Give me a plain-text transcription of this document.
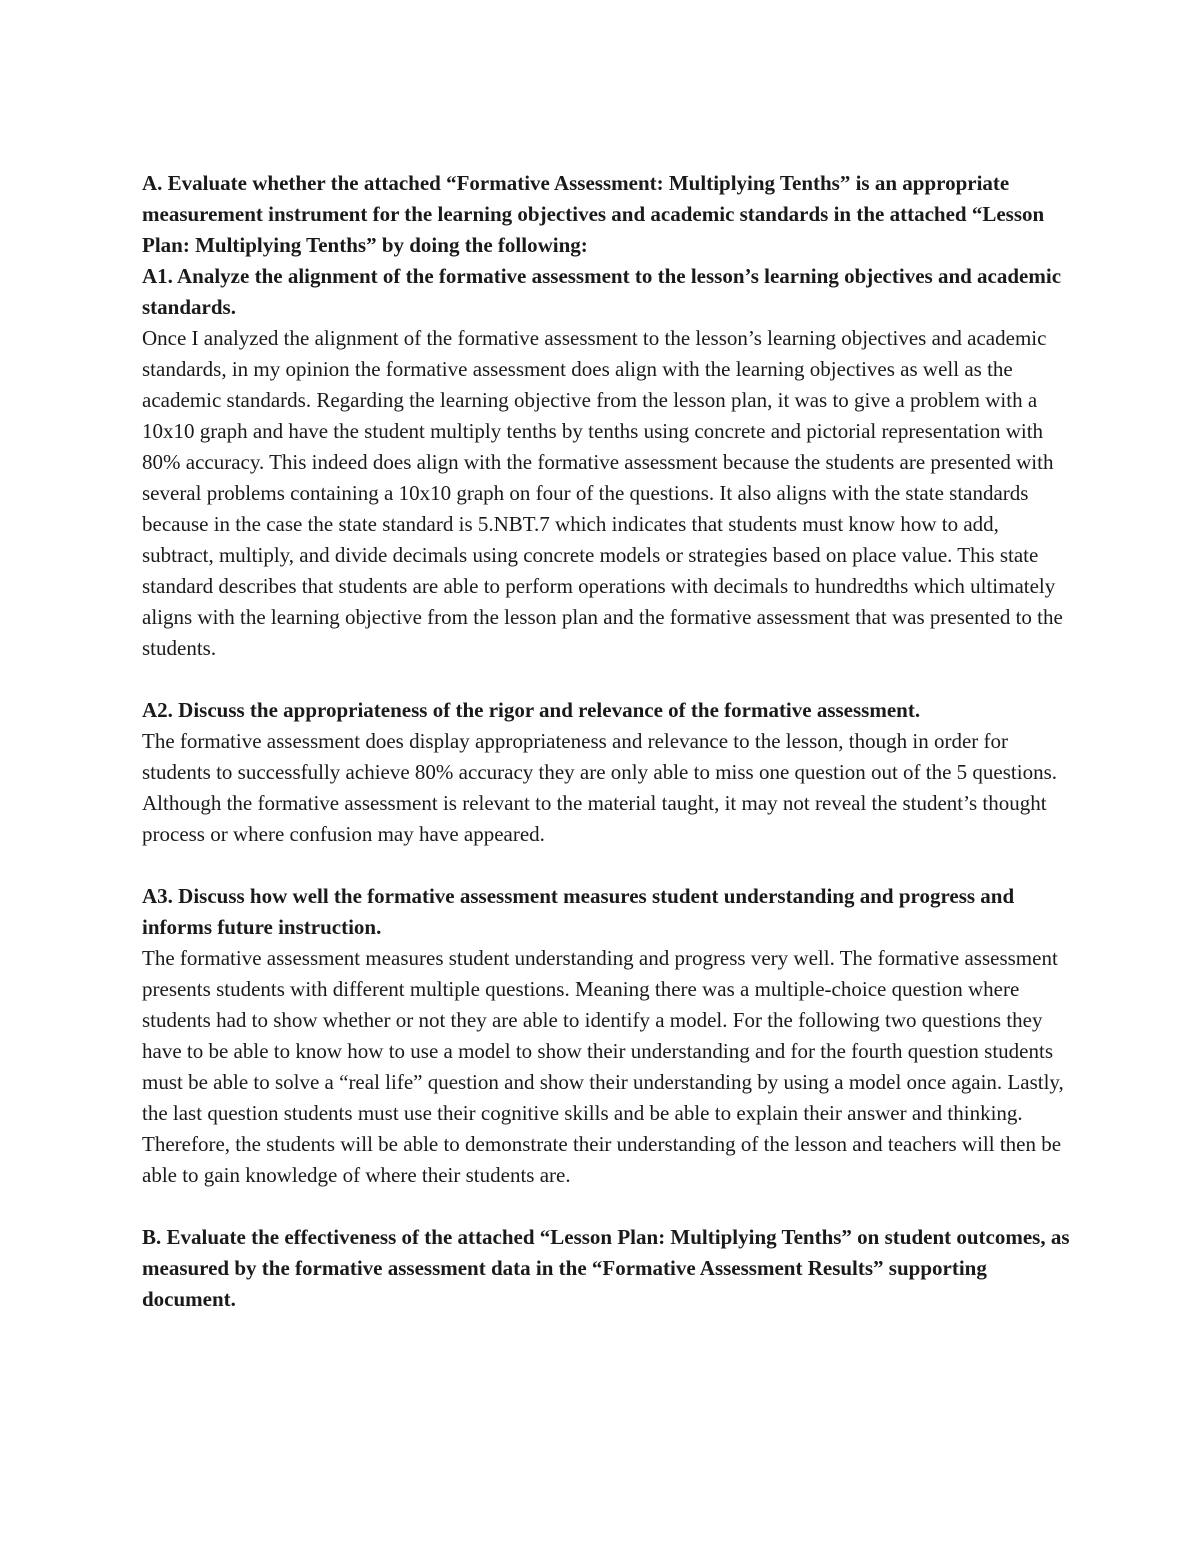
A. Evaluate whether the attached “Formative Assessment: Multiplying Tenths” is an appropriate measurement instrument for the learning objectives and academic standards in the attached “Lesson Plan: Multiplying Tenths” by doing the following:

A1. Analyze the alignment of the formative assessment to the lesson’s learning objectives and academic standards.

Once I analyzed the alignment of the formative assessment to the lesson’s learning objectives and academic standards, in my opinion the formative assessment does align with the learning objectives as well as the academic standards. Regarding the learning objective from the lesson plan, it was to give a problem with a 10x10 graph and have the student multiply tenths by tenths using concrete and pictorial representation with 80% accuracy. This indeed does align with the formative assessment because the students are presented with several problems containing a 10x10 graph on four of the questions. It also aligns with the state standards because in the case the state standard is 5.NBT.7 which indicates that students must know how to add, subtract, multiply, and divide decimals using concrete models or strategies based on place value. This state standard describes that students are able to perform operations with decimals to hundredths which ultimately aligns with the learning objective from the lesson plan and the formative assessment that was presented to the students.

A2. Discuss the appropriateness of the rigor and relevance of the formative assessment.

The formative assessment does display appropriateness and relevance to the lesson, though in order for students to successfully achieve 80% accuracy they are only able to miss one question out of the 5 questions. Although the formative assessment is relevant to the material taught, it may not reveal the student’s thought process or where confusion may have appeared.

A3. Discuss how well the formative assessment measures student understanding and progress and informs future instruction.

The formative assessment measures student understanding and progress very well. The formative assessment presents students with different multiple questions. Meaning there was a multiple-choice question where students had to show whether or not they are able to identify a model. For the following two questions they have to be able to know how to use a model to show their understanding and for the fourth question students must be able to solve a “real life” question and show their understanding by using a model once again. Lastly, the last question students must use their cognitive skills and be able to explain their answer and thinking. Therefore, the students will be able to demonstrate their understanding of the lesson and teachers will then be able to gain knowledge of where their students are.

B. Evaluate the effectiveness of the attached “Lesson Plan: Multiplying Tenths” on student outcomes, as measured by the formative assessment data in the “Formative Assessment Results” supporting document.
